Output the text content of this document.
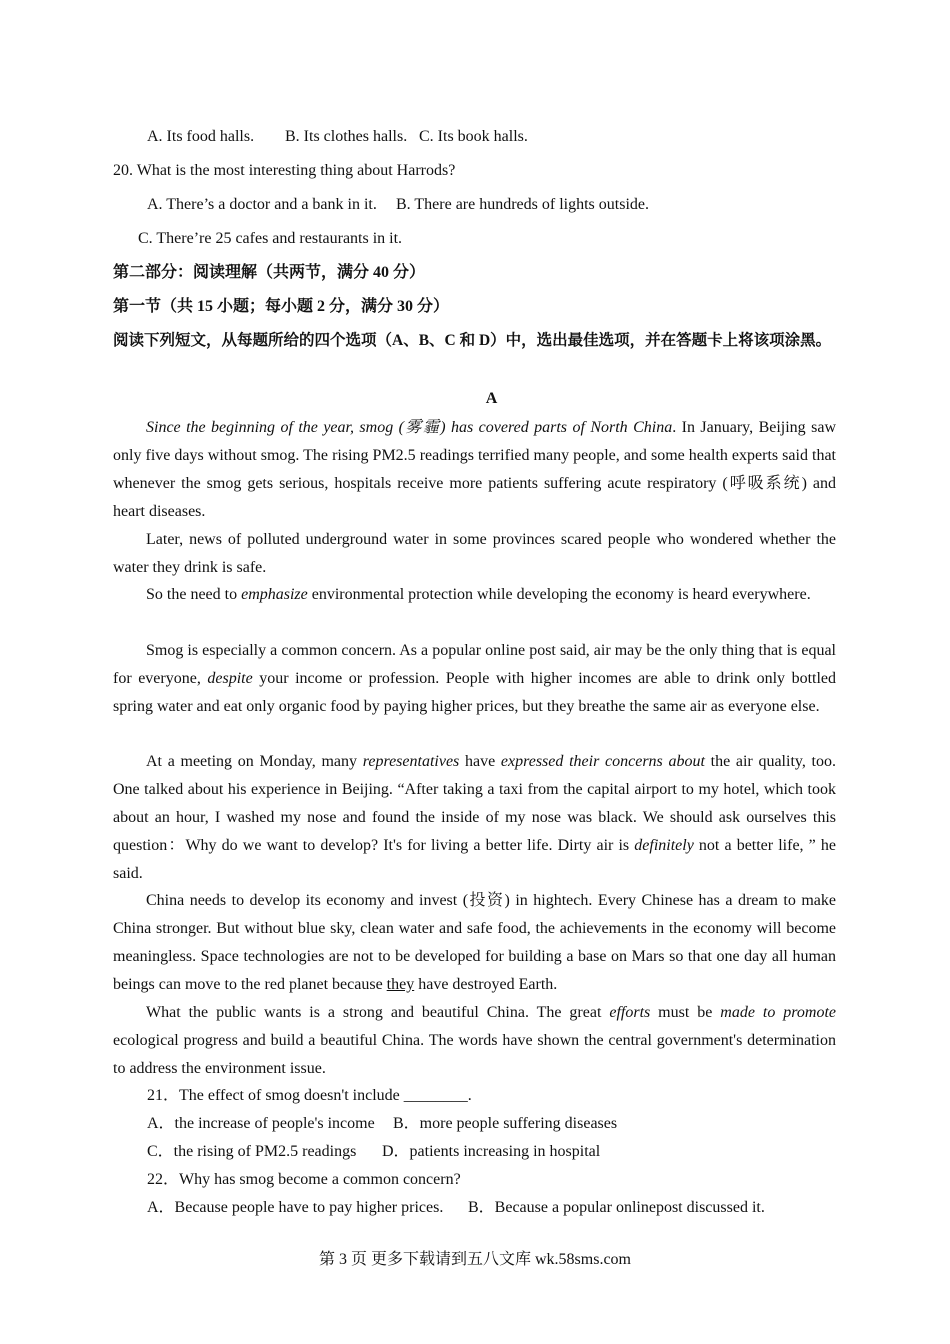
A. Its food halls. B. Its clothes halls. C. Its book halls.
20. What is the most interesting thing about Harrods?
A. There’s a doctor and a bank in it. B. There are hundreds of lights outside.
C. There’re 25 cafes and restaurants in it.
第二部分：阅读理解（共两节，满分 40 分）
第一节（共 15 小题；每小题 2 分，满分 30 分）
阅读下列短文，从每题所给的四个选项（A、B、C 和 D）中，选出最佳选项，并在答题卡上将该项涂黑。
A
Since the beginning of the year, smog (雾霾) has covered parts of North China. In January, Beijing saw only five days without smog. The rising PM2.5 readings terrified many people, and some health experts said that whenever the smog gets serious, hospitals receive more patients suffering acute respiratory (呼吸系统) and heart diseases.
Later, news of polluted underground water in some provinces scared people who wondered whether the water they drink is safe.
So the need to emphasize environmental protection while developing the economy is heard everywhere.
Smog is especially a common concern. As a popular online post said, air may be the only thing that is equal for everyone, despite your income or profession. People with higher incomes are able to drink only bottled spring water and eat only organic food by paying higher prices, but they breathe the same air as everyone else.
At a meeting on Monday, many representatives have expressed their concerns about the air quality, too. One talked about his experience in Beijing. “After taking a taxi from the capital airport to my hotel, which took about an hour, I washed my nose and found the inside of my nose was black. We should ask ourselves this question：Why do we want to develop? It's for living a better life. Dirty air is definitely not a better life, ” he said.
China needs to develop its economy and invest (投资) in hightech. Every Chinese has a dream to make China stronger. But without blue sky, clean water and safe food, the achievements in the economy will become meaningless. Space technologies are not to be developed for building a base on Mars so that one day all human beings can move to the red planet because they have destroyed Earth.
What the public wants is a strong and beautiful China. The great efforts must be made to promote ecological progress and build a beautiful China. The words have shown the central government's determination to address the environment issue.
21．The effect of smog doesn't include ________.
A．the increase of people's income B．more people suffering diseases
C．the rising of PM2.5 readings D．patients increasing in hospital
22．Why has smog become a common concern?
A．Because people have to pay higher prices. B．Because a popular onlinepost discussed it.
第 3 页 更多下载请到五八文库 wk.58sms.com
